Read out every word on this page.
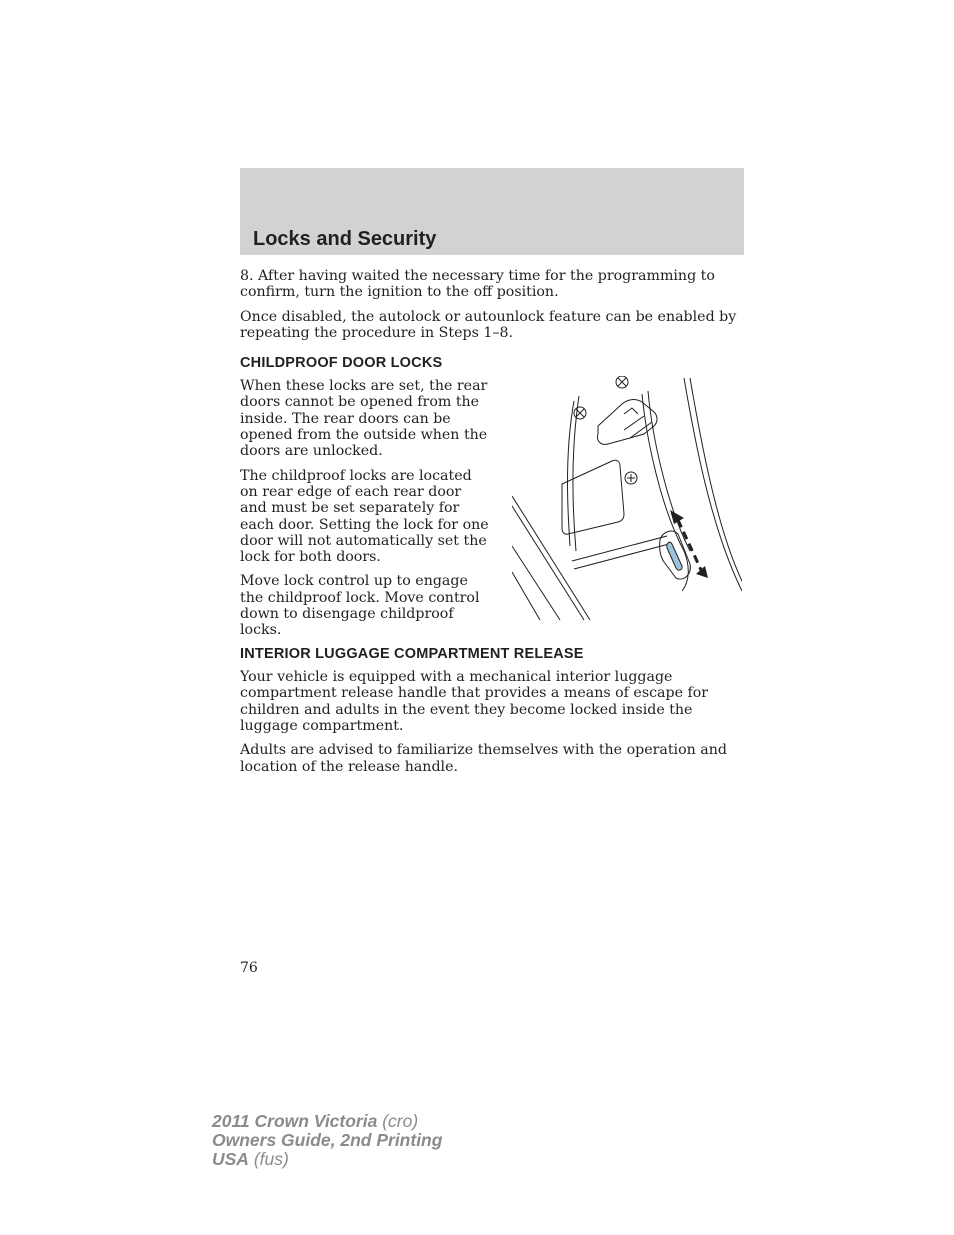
Locks and Security

8. After having waited the necessary time for the programming to confirm, turn the ignition to the off position.

Once disabled, the autolock or autounlock feature can be enabled by repeating the procedure in Steps 1–8.

CHILDPROOF DOOR LOCKS

When these locks are set, the rear doors cannot be opened from the inside. The rear doors can be opened from the outside when the doors are unlocked.

The childproof locks are located on rear edge of each rear door and must be set separately for each door. Setting the lock for one door will not automatically set the lock for both doors.

Move lock control up to engage the childproof lock. Move control down to disengage childproof locks.

INTERIOR LUGGAGE COMPARTMENT RELEASE

Your vehicle is equipped with a mechanical interior luggage compartment release handle that provides a means of escape for children and adults in the event they become locked inside the luggage compartment.

Adults are advised to familiarize themselves with the operation and location of the release handle.

76
2011 Crown Victoria (cro)
Owners Guide, 2nd Printing
USA (fus)
